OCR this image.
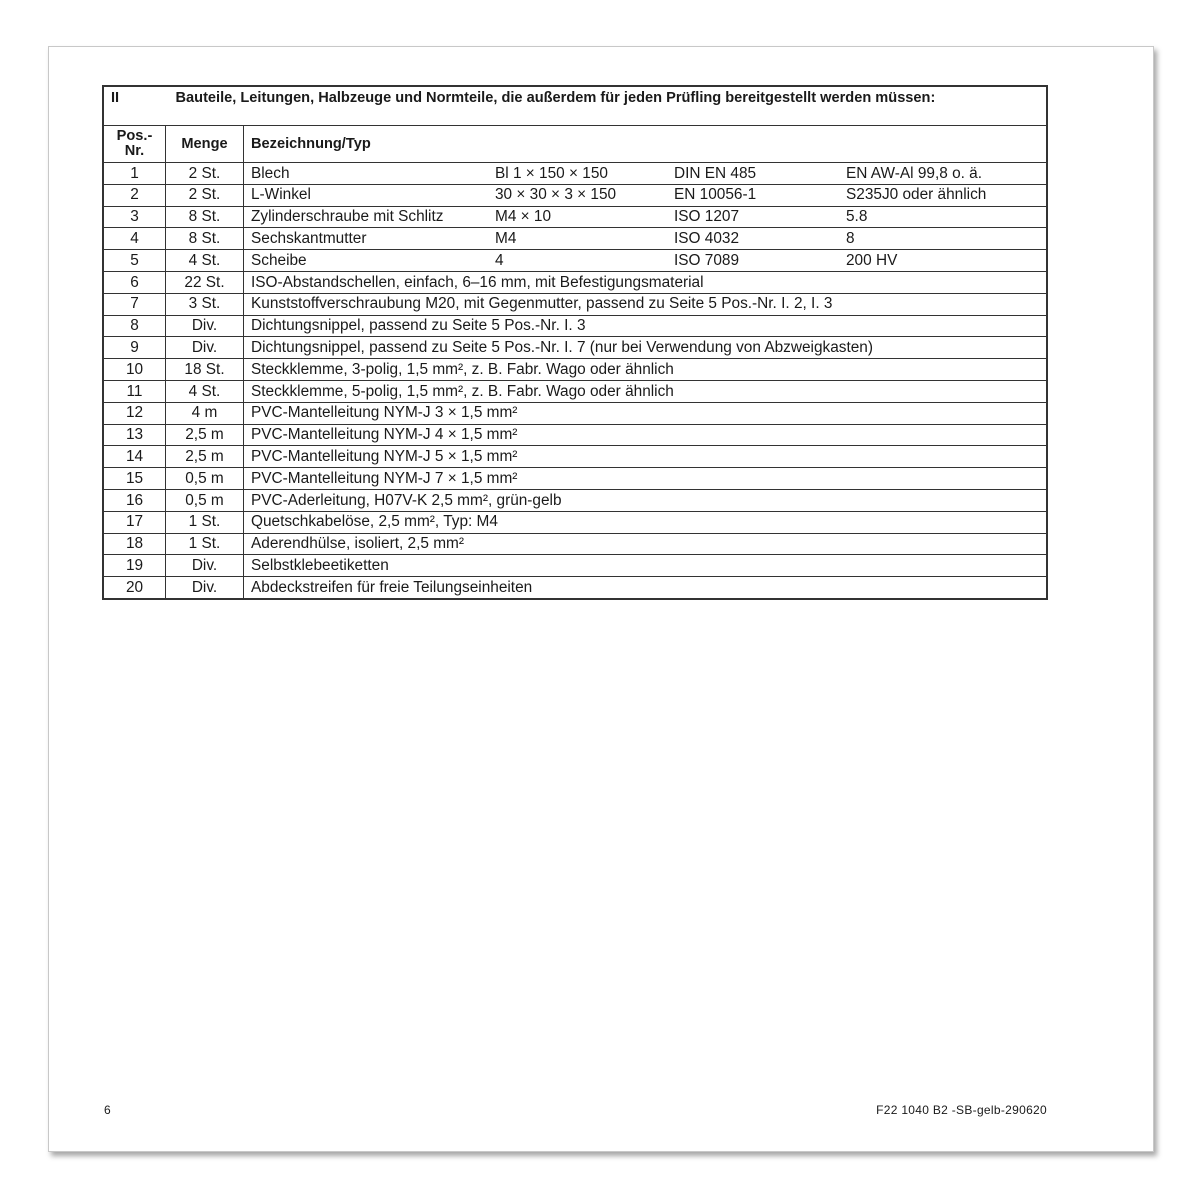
II	Bauteile, Leitungen, Halbzeuge und Normteile, die außerdem für jeden Prüfling bereitgestellt werden müssen:				
Pos.-
Nr.	Menge	Bezeichnung/Typ			
1	2 St.	Blech	Bl 1 × 150 × 150	DIN EN 485	EN AW-Al 99,8 o. ä.
2	2 St.	L-Winkel	30 × 30 × 3 × 150	EN 10056-1	S235J0 oder ähnlich
3	8 St.	Zylinderschraube mit Schlitz	M4 × 10	ISO 1207	5.8
4	8 St.	Sechskantmutter	M4	ISO 4032	8
5	4 St.	Scheibe	4	ISO 7089	200 HV
6	22 St.	ISO-Abstandschellen, einfach, 6–16 mm, mit Befestigungsmaterial			
7	3 St.	Kunststoffverschraubung M20, mit Gegenmutter, passend zu Seite 5 Pos.-Nr. I. 2, I. 3			
8	Div.	Dichtungsnippel, passend zu Seite 5 Pos.-Nr. I. 3			
9	Div.	Dichtungsnippel, passend zu Seite 5 Pos.-Nr. I. 7 (nur bei Verwendung von Abzweigkasten)			
10	18 St.	Steckklemme, 3-polig, 1,5 mm², z. B. Fabr. Wago oder ähnlich			
11	4 St.	Steckklemme, 5-polig, 1,5 mm², z. B. Fabr. Wago oder ähnlich			
12	4 m	PVC-Mantelleitung NYM-J 3 × 1,5 mm²			
13	2,5 m	PVC-Mantelleitung NYM-J 4 × 1,5 mm²			
14	2,5 m	PVC-Mantelleitung NYM-J 5 × 1,5 mm²			
15	0,5 m	PVC-Mantelleitung NYM-J 7 × 1,5 mm²			
16	0,5 m	PVC-Aderleitung, H07V-K 2,5 mm², grün-gelb			
17	1 St.	Quetschkabelöse, 2,5 mm², Typ: M4			
18	1 St.	Aderendhülse, isoliert, 2,5 mm²			
19	Div.	Selbstklebeetiketten			
20	Div.	Abdeckstreifen für freie Teilungseinheiten			
6	F22 1040 B2 -SB-gelb-290620
